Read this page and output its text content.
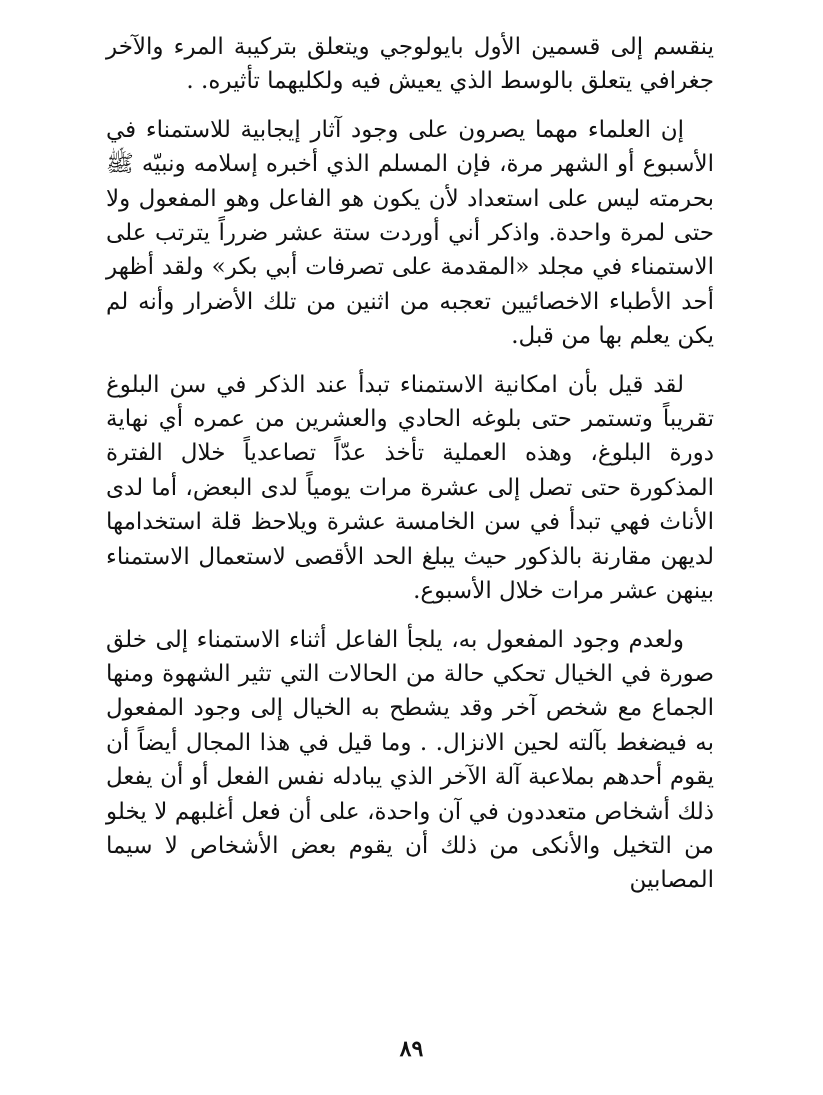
ينقسم إلى قسمين الأول بايولوجي ويتعلق بتركيبة المرء والآخر جغرافي يتعلق بالوسط الذي يعيش فيه ولكليهما تأثيره. .

إن العلماء مهما يصرون على وجود آثار إيجابية للاستمناء في الأسبوع أو الشهر مرة، فإن المسلم الذي أخبره إسلامه ونبيّه ﷺ بحرمته ليس على استعداد لأن يكون هو الفاعل وهو المفعول ولا حتى لمرة واحدة. واذكر أني أوردت ستة عشر ضرراً يترتب على الاستمناء في مجلد «المقدمة على تصرفات أبي بكر» ولقد أظهر أحد الأطباء الاخصائيين تعجبه من اثنين من تلك الأضرار وأنه لم يكن يعلم بها من قبل.

لقد قيل بأن امكانية الاستمناء تبدأ عند الذكر في سن البلوغ تقريباً وتستمر حتى بلوغه الحادي والعشرين من عمره أي نهاية دورة البلوغ، وهذه العملية تأخذ عدّاً تصاعدياً خلال الفترة المذكورة حتى تصل إلى عشرة مرات يومياً لدى البعض، أما لدى الأناث فهي تبدأ في سن الخامسة عشرة ويلاحظ قلة استخدامها لديهن مقارنة بالذكور حيث يبلغ الحد الأقصى لاستعمال الاستمناء بينهن عشر مرات خلال الأسبوع.

ولعدم وجود المفعول به، يلجأ الفاعل أثناء الاستمناء إلى خلق صورة في الخيال تحكي حالة من الحالات التي تثير الشهوة ومنها الجماع مع شخص آخر وقد يشطح به الخيال إلى وجود المفعول به فيضغط بآلته لحين الانزال. . وما قيل في هذا المجال أيضاً أن يقوم أحدهم بملاعبة آلة الآخر الذي يبادله نفس الفعل أو أن يفعل ذلك أشخاص متعددون في آن واحدة، على أن فعل أغلبهم لا يخلو من التخيل والأنكى من ذلك أن يقوم بعض الأشخاص لا سيما المصابين

٨٩
